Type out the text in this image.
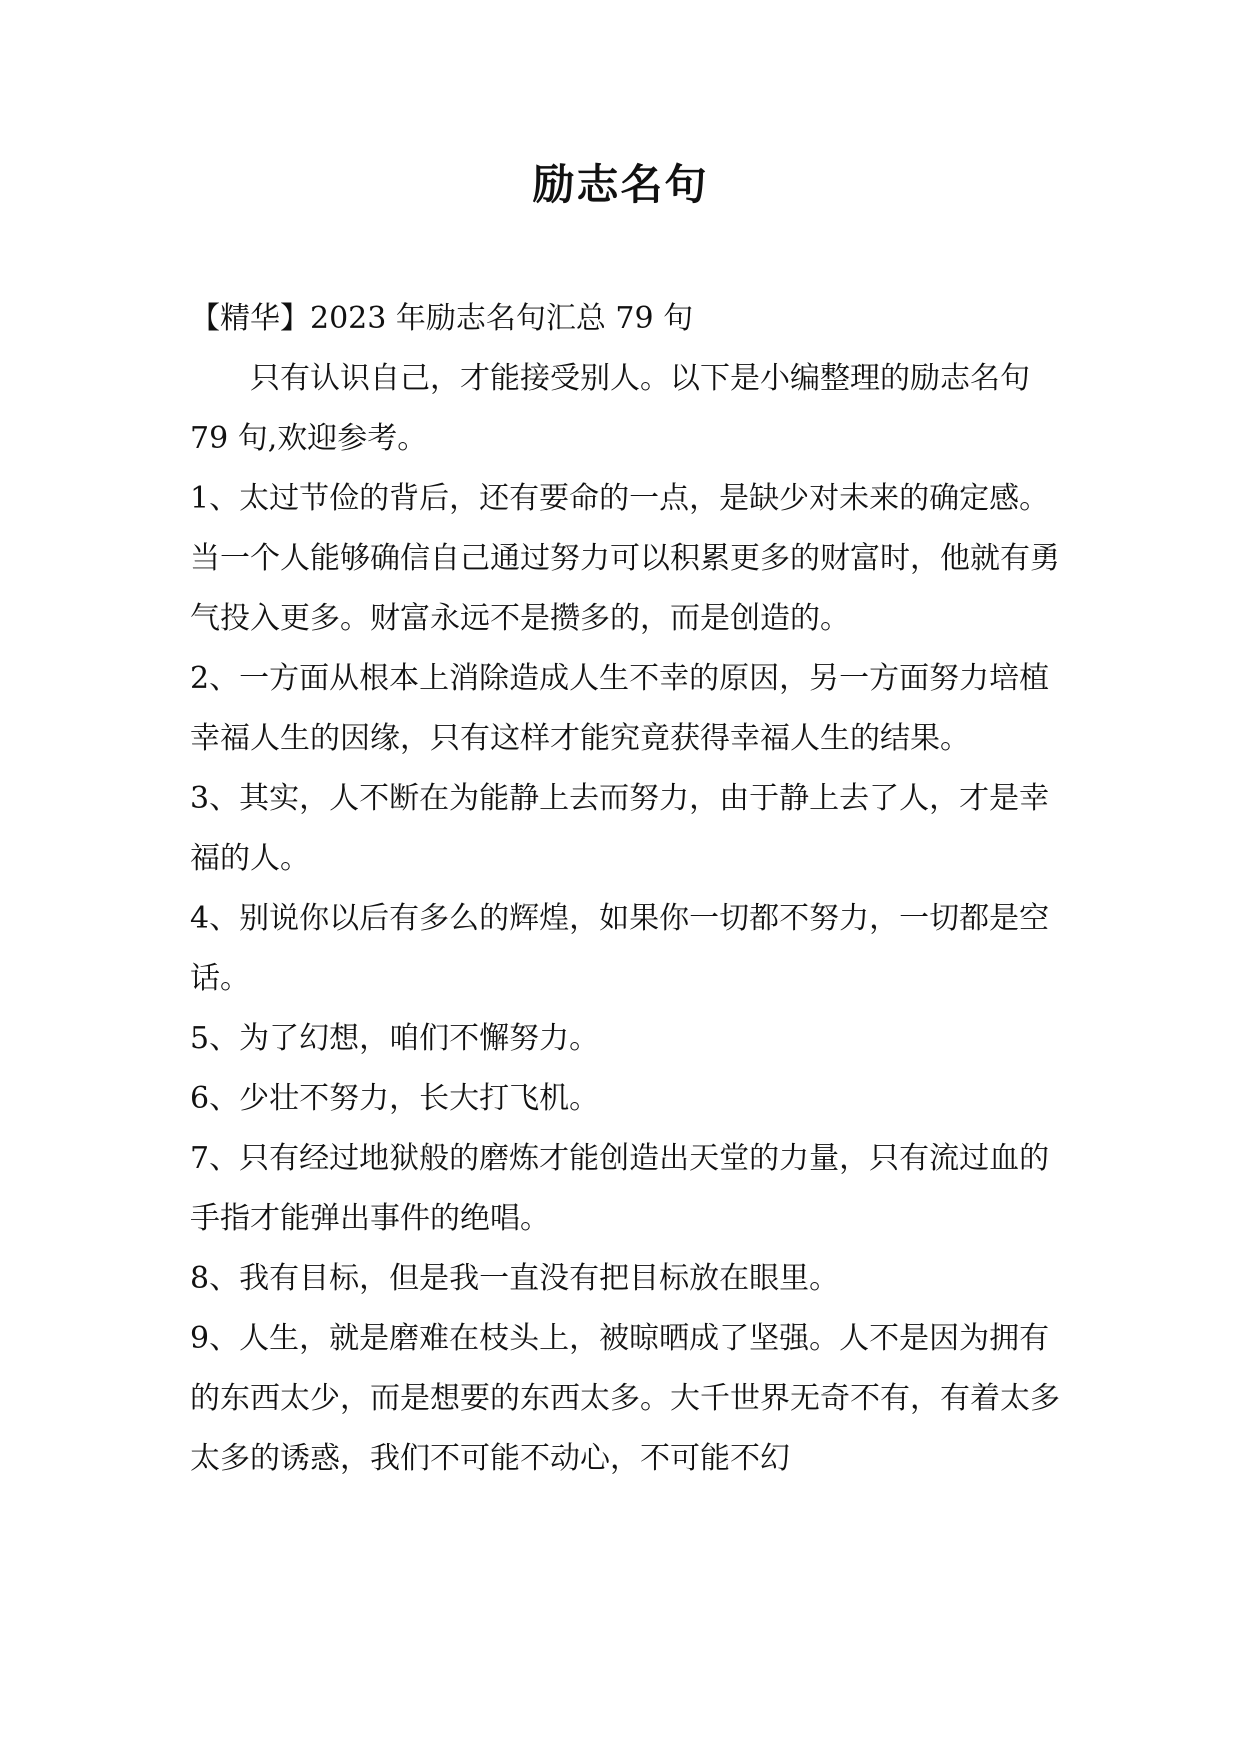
励志名句

【精华】2023 年励志名句汇总 79 句

只有认识自己，才能接受别人。以下是小编整理的励志名句 79 句,欢迎参考。

1、太过节俭的背后，还有要命的一点，是缺少对未来的确定感。当一个人能够确信自己通过努力可以积累更多的财富时，他就有勇气投入更多。财富永远不是攒多的，而是创造的。

2、一方面从根本上消除造成人生不幸的原因，另一方面努力培植幸福人生的因缘，只有这样才能究竟获得幸福人生的结果。

3、其实，人不断在为能静上去而努力，由于静上去了人，才是幸福的人。

4、别说你以后有多么的辉煌，如果你一切都不努力，一切都是空话。

5、为了幻想，咱们不懈努力。

6、少壮不努力，长大打飞机。

7、只有经过地狱般的磨炼才能创造出天堂的力量，只有流过血的手指才能弹出事件的绝唱。

8、我有目标，但是我一直没有把目标放在眼里。

9、人生，就是磨难在枝头上，被晾晒成了坚强。人不是因为拥有的东西太少，而是想要的东西太多。大千世界无奇不有，有着太多太多的诱惑，我们不可能不动心，不可能不幻
